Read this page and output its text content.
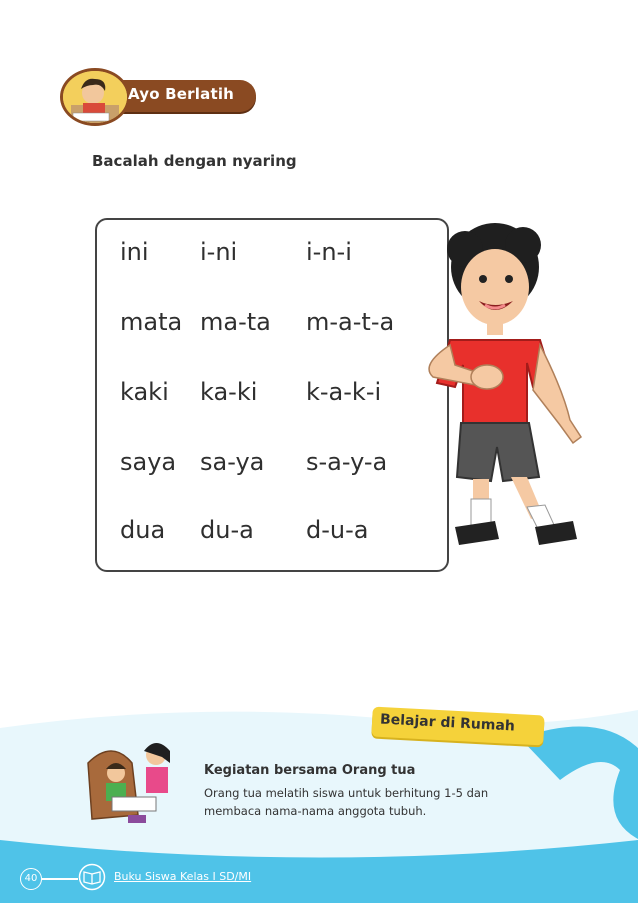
Ayo Berlatih
Bacalah dengan nyaring
ini i-ni	i-n-i
mata ma-ta m-a-t-a
kaki ka-ki k-a-k-i
saya sa-ya s-a-y-a
dua du-a d-u-a
Belajar di Rumah
Kegiatan bersama Orang tua
Orang tua melatih siswa untuk berhitung 1-5 dan
membaca nama-nama anggota tubuh.
40	Buku Siswa Kelas I SD/MI
